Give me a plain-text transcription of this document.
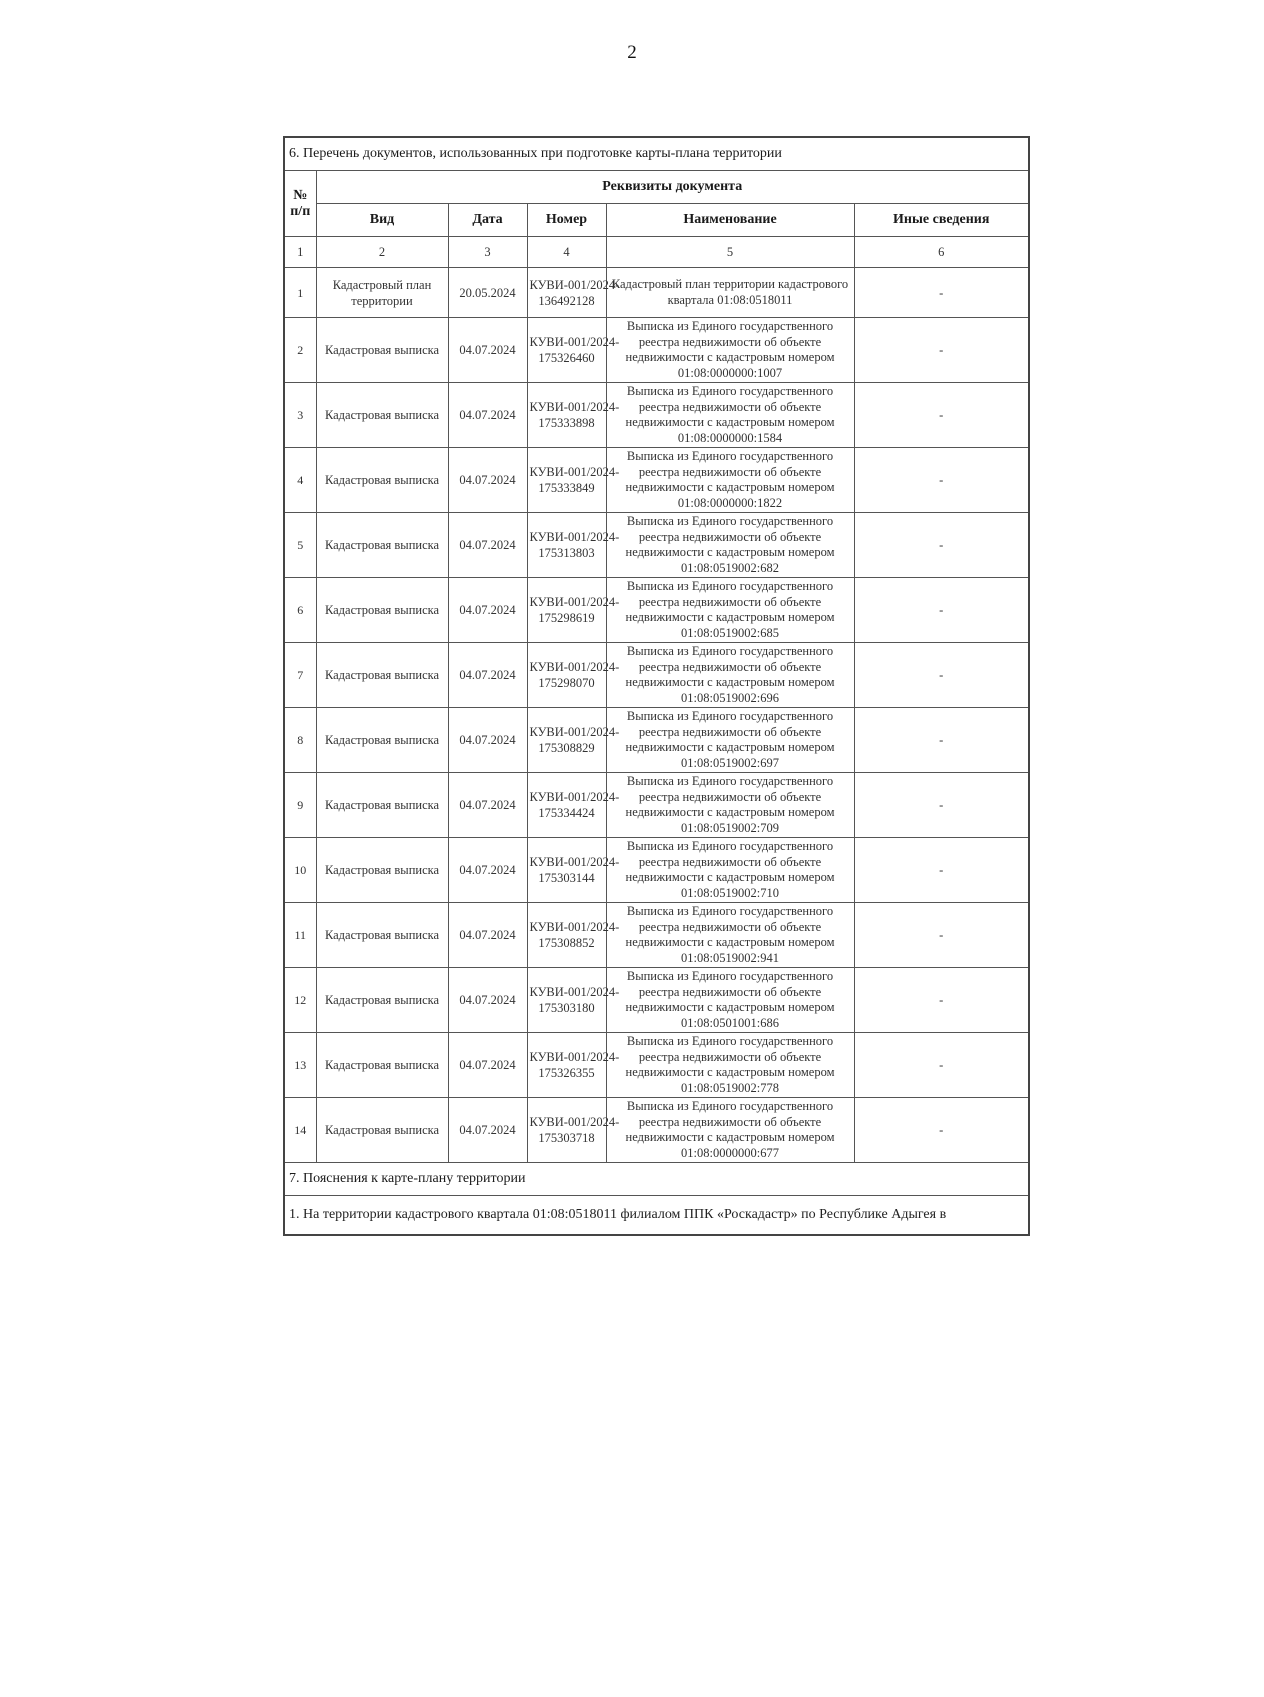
2
6. Перечень документов, использованных при подготовке карты-плана территории					
№ п/п	Реквизиты документа				
	Вид	Дата	Номер	Наименование	Иные сведения
1	2	3	4	5	6
1	Кадастровый план территории	20.05.2024	КУВИ-001/2024-136492128	Кадастровый план территории кадастрового квартала 01:08:0518011	-
2	Кадастровая выписка	04.07.2024	КУВИ-001/2024-175326460	Выписка из Единого государственного реестра недвижимости об объекте недвижимости с кадастровым номером 01:08:0000000:1007	-
3	Кадастровая выписка	04.07.2024	КУВИ-001/2024-175333898	Выписка из Единого государственного реестра недвижимости об объекте недвижимости с кадастровым номером 01:08:0000000:1584	-
4	Кадастровая выписка	04.07.2024	КУВИ-001/2024-175333849	Выписка из Единого государственного реестра недвижимости об объекте недвижимости с кадастровым номером 01:08:0000000:1822	-
5	Кадастровая выписка	04.07.2024	КУВИ-001/2024-175313803	Выписка из Единого государственного реестра недвижимости об объекте недвижимости с кадастровым номером 01:08:0519002:682	-
6	Кадастровая выписка	04.07.2024	КУВИ-001/2024-175298619	Выписка из Единого государственного реестра недвижимости об объекте недвижимости с кадастровым номером 01:08:0519002:685	-
7	Кадастровая выписка	04.07.2024	КУВИ-001/2024-175298070	Выписка из Единого государственного реестра недвижимости об объекте недвижимости с кадастровым номером 01:08:0519002:696	-
8	Кадастровая выписка	04.07.2024	КУВИ-001/2024-175308829	Выписка из Единого государственного реестра недвижимости об объекте недвижимости с кадастровым номером 01:08:0519002:697	-
9	Кадастровая выписка	04.07.2024	КУВИ-001/2024-175334424	Выписка из Единого государственного реестра недвижимости об объекте недвижимости с кадастровым номером 01:08:0519002:709	-
10	Кадастровая выписка	04.07.2024	КУВИ-001/2024-175303144	Выписка из Единого государственного реестра недвижимости об объекте недвижимости с кадастровым номером 01:08:0519002:710	-
11	Кадастровая выписка	04.07.2024	КУВИ-001/2024-175308852	Выписка из Единого государственного реестра недвижимости об объекте недвижимости с кадастровым номером 01:08:0519002:941	-
12	Кадастровая выписка	04.07.2024	КУВИ-001/2024-175303180	Выписка из Единого государственного реестра недвижимости об объекте недвижимости с кадастровым номером 01:08:0501001:686	-
13	Кадастровая выписка	04.07.2024	КУВИ-001/2024-175326355	Выписка из Единого государственного реестра недвижимости об объекте недвижимости с кадастровым номером 01:08:0519002:778	-
14	Кадастровая выписка	04.07.2024	КУВИ-001/2024-175303718	Выписка из Единого государственного реестра недвижимости об объекте недвижимости с кадастровым номером 01:08:0000000:677	-
7. Пояснения к карте-плану территории					
1. На территории кадастрового квартала 01:08:0518011 филиалом ППК «Роскадастр» по Республике Адыгея в					
